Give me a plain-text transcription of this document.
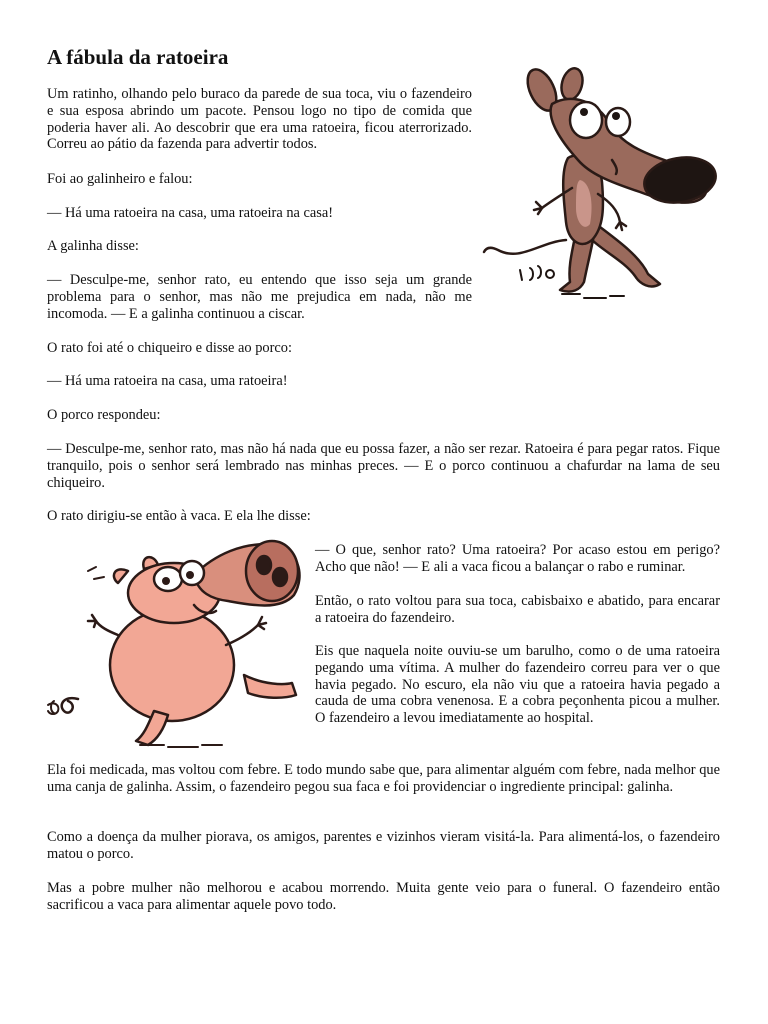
A fábula da ratoeira

Um ratinho, olhando pelo buraco da parede de sua toca, viu o fazendeiro e sua esposa abrindo um pacote. Pensou logo no tipo de comida que poderia haver ali. Ao descobrir que era uma ratoeira, ficou aterrorizado. Correu ao pátio da fazenda para advertir todos.

Foi ao galinheiro e falou:

— Há uma ratoeira na casa, uma ratoeira na casa!

A galinha disse:

— Desculpe-me, senhor rato, eu entendo que isso seja um grande problema para o senhor, mas não me prejudica em nada, não me incomoda. — E a galinha continuou a ciscar.

O rato foi até o chiqueiro e disse ao porco:

— Há uma ratoeira na casa, uma ratoeira!

O porco respondeu:

— Desculpe-me, senhor rato, mas não há nada que eu possa fazer, a não ser rezar. Ratoeira é para pegar ratos. Fique tranquilo, pois o senhor será lembrado nas minhas preces. — E o porco continuou a chafurdar na lama de seu chiqueiro.

O rato dirigiu-se então à vaca. E ela lhe disse:

— O que, senhor rato? Uma ratoeira? Por acaso estou em perigo? Acho que não! — E ali a vaca ficou a balançar o rabo e ruminar.

Então, o rato voltou para sua toca, cabisbaixo e abatido, para encarar a ratoeira do fazendeiro.

Eis que naquela noite ouviu-se um barulho, como o de uma ratoeira pegando uma vítima. A mulher do fazendeiro correu para ver o que havia pegado. No escuro, ela não viu que a ratoeira havia pegado a cauda de uma cobra venenosa. E a cobra peçonhenta picou a mulher. O fazendeiro a levou imediatamente ao hospital.

Ela foi medicada, mas voltou com febre. E todo mundo sabe que, para alimentar alguém com febre, nada melhor que uma canja de galinha. Assim, o fazendeiro pegou sua faca e foi providenciar o ingrediente principal: galinha.

Como a doença da mulher piorava, os amigos, parentes e vizinhos vieram visitá-la. Para alimentá-los, o fazendeiro matou o porco.

Mas a pobre mulher não melhorou e acabou morrendo. Muita gente veio para o funeral. O fazendeiro então sacrificou a vaca para alimentar aquele povo todo.
